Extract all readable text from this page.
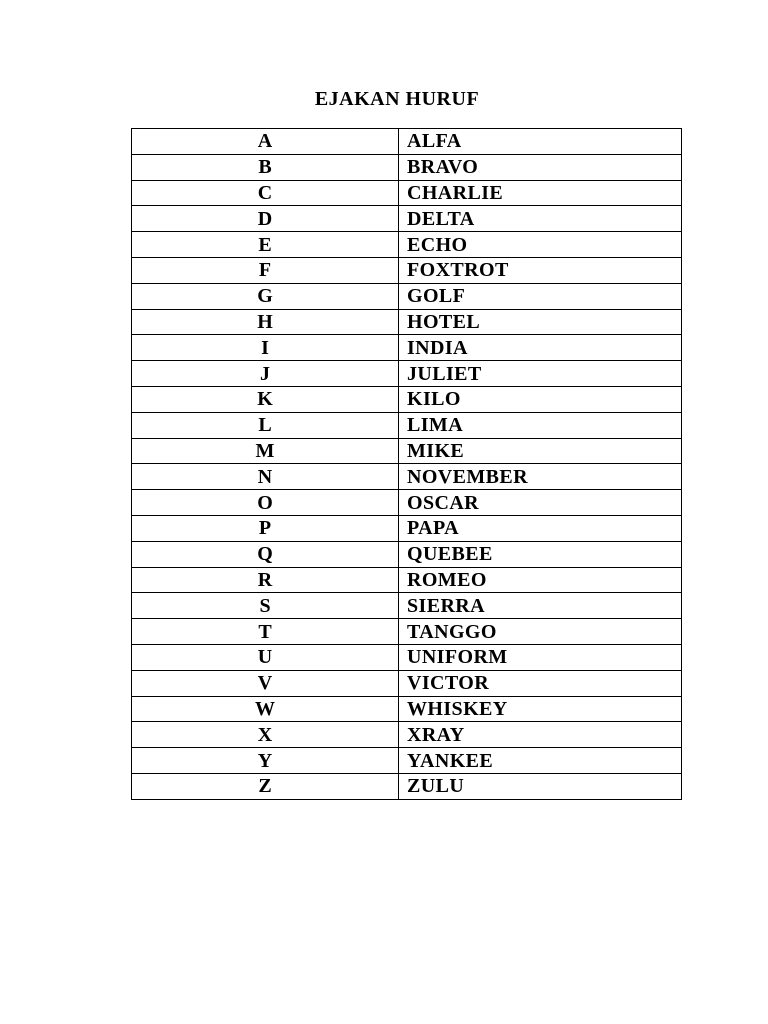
EJAKAN HURUF
A	ALFA
B	BRAVO
C	CHARLIE
D	DELTA
E	ECHO
F	FOXTROT
G	GOLF
H	HOTEL
I	INDIA
J	JULIET
K	KILO
L	LIMA
M	MIKE
N	NOVEMBER
O	OSCAR
P	PAPA
Q	QUEBEE
R	ROMEO
S	SIERRA
T	TANGGO
U	UNIFORM
V	VICTOR
W	WHISKEY
X	XRAY
Y	YANKEE
Z	ZULU
